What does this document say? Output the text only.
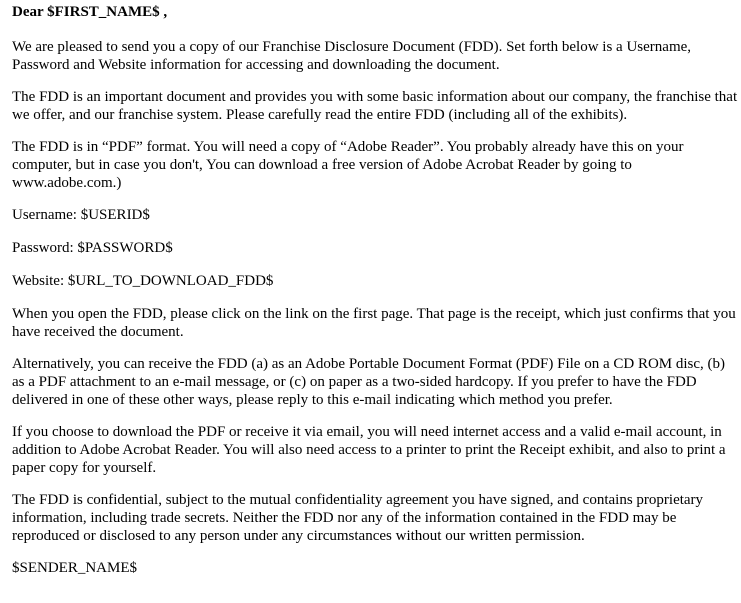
Dear $FIRST_NAME$ ,

We are pleased to send you a copy of our Franchise Disclosure Document (FDD). Set forth below is a Username, Password and Website information for accessing and downloading the document.

The FDD is an important document and provides you with some basic information about our company, the franchise that we offer, and our franchise system. Please carefully read the entire FDD (including all of the exhibits).

The FDD is in “PDF” format. You will need a copy of “Adobe Reader”. You probably already have this on your computer, but in case you don't, You can download a free version of Adobe Acrobat Reader by going to www.adobe.com.)

Username: $USERID$

Password: $PASSWORD$

Website: $URL_TO_DOWNLOAD_FDD$

When you open the FDD, please click on the link on the first page. That page is the receipt, which just confirms that you have received the document.

Alternatively, you can receive the FDD (a) as an Adobe Portable Document Format (PDF) File on a CD ROM disc, (b) as a PDF attachment to an e-mail message, or (c) on paper as a two-sided hardcopy. If you prefer to have the FDD delivered in one of these other ways, please reply to this e-mail indicating which method you prefer.

If you choose to download the PDF or receive it via email, you will need internet access and a valid e-mail account, in addition to Adobe Acrobat Reader. You will also need access to a printer to print the Receipt exhibit, and also to print a paper copy for yourself.

The FDD is confidential, subject to the mutual confidentiality agreement you have signed, and contains proprietary information, including trade secrets. Neither the FDD nor any of the information contained in the FDD may be reproduced or disclosed to any person under any circumstances without our written permission.

$SENDER_NAME$
